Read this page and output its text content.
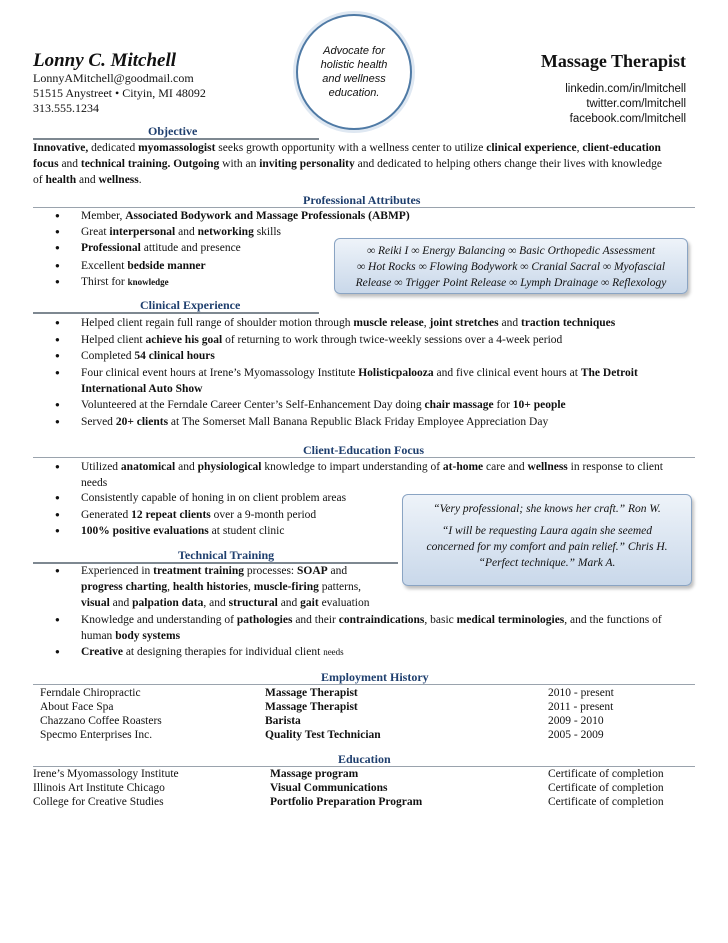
Lonny C. Mitchell
LonnyAMitchell@goodmail.com
51515 Anystreet • Cityin, MI 48092
313.555.1234
Advocate for holistic health and wellness education.
Massage Therapist
linkedin.com/in/lmitchell
twitter.com/lmitchell
facebook.com/lmitchell
Objective
Innovative, dedicated myomassologist seeks growth opportunity with a wellness center to utilize clinical experience, client-education
focus and technical training. Outgoing with an inviting personality and dedicated to helping others change their lives with knowledge
of health and wellness.
Professional Attributes
● Member, Associated Bodywork and Massage Professionals (ABMP)
● Great interpersonal and networking skills
● Professional attitude and presence
● Excellent bedside manner
● Thirst for knowledge
∞ Reiki I ∞ Energy Balancing ∞ Basic Orthopedic Assessment
∞ Hot Rocks ∞ Flowing Bodywork ∞ Cranial Sacral ∞ Myofascial
Release ∞ Trigger Point Release ∞ Lymph Drainage ∞ Reflexology
Clinical Experience
● Helped client regain full range of shoulder motion through muscle release, joint stretches and traction techniques
● Helped client achieve his goal of returning to work through twice-weekly sessions over a 4-week period
● Completed 54 clinical hours
● Four clinical event hours at Irene’s Myomassology Institute Holisticpalooza and five clinical event hours at The Detroit
International Auto Show
● Volunteered at the Ferndale Career Center’s Self-Enhancement Day doing chair massage for 10+ people
● Served 20+ clients at The Somerset Mall Banana Republic Black Friday Employee Appreciation Day
Client-Education Focus
● Utilized anatomical and physiological knowledge to impart understanding of at-home care and wellness in response to client
needs
● Consistently capable of honing in on client problem areas
● Generated 12 repeat clients over a 9-month period
● 100% positive evaluations at student clinic
“Very professional; she knows her craft.” Ron W.
“I will be requesting Laura again she seemed
concerned for my comfort and pain relief.” Chris H.
“Perfect technique.” Mark A.
Technical Training
● Experienced in treatment training processes: SOAP and
progress charting, health histories, muscle-firing patterns,
visual and palpation data, and structural and gait evaluation
● Knowledge and understanding of pathologies and their contraindications, basic medical terminologies, and the functions of
human body systems
● Creative at designing therapies for individual client needs
Employment History
Ferndale Chiropractic	Massage Therapist	2010 - present
About Face Spa	Massage Therapist	2011 - present
Chazzano Coffee Roasters	Barista	2009 - 2010
Specmo Enterprises Inc.	Quality Test Technician	2005 - 2009
Education
Irene’s Myomassology Institute	Massage program	Certificate of completion
Illinois Art Institute Chicago	Visual Communications	Certificate of completion
College for Creative Studies	Portfolio Preparation Program	Certificate of completion
